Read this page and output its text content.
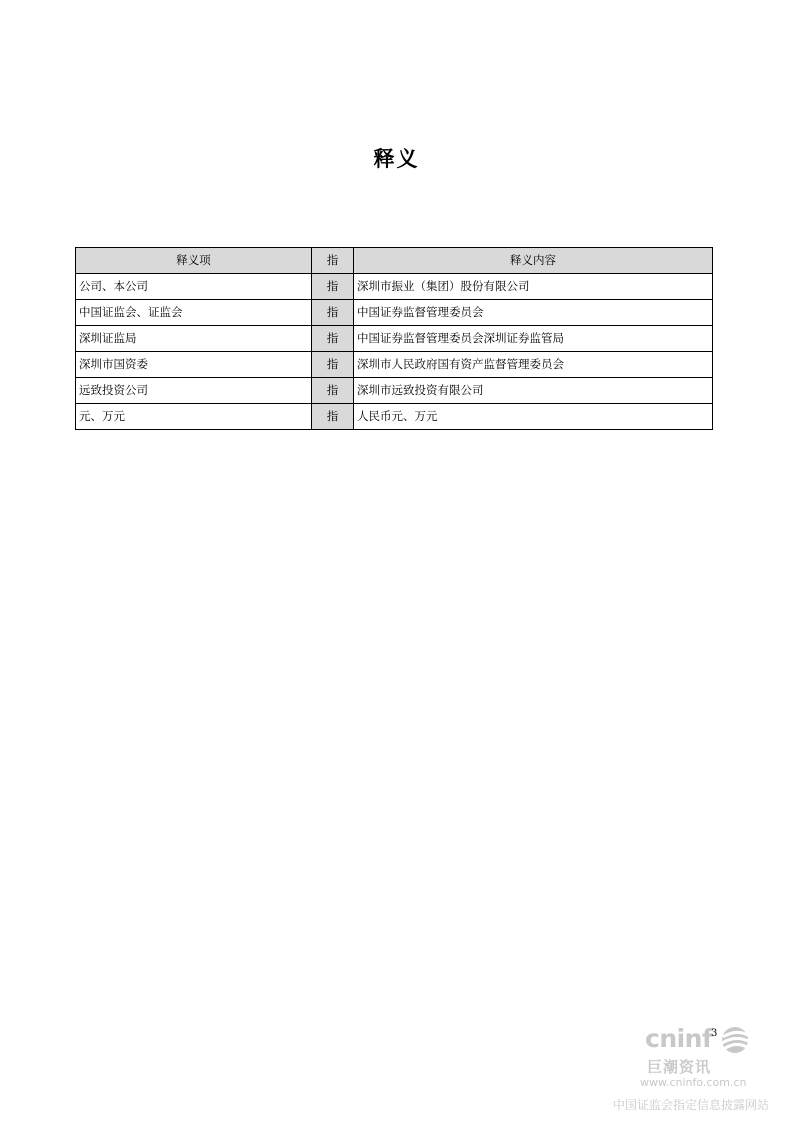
释义
释义项	指	释义内容
公司、本公司	指	深圳市振业（集团）股份有限公司
中国证监会、证监会	指	中国证券监督管理委员会
深圳证监局	指	中国证券监督管理委员会深圳证券监管局
深圳市国资委	指	深圳市人民政府国有资产监督管理委员会
远致投资公司	指	深圳市远致投资有限公司
元、万元	指	人民币元、万元
cninf
巨潮资讯
www.cninfo.com.cn
中国证监会指定信息披露网站
3
